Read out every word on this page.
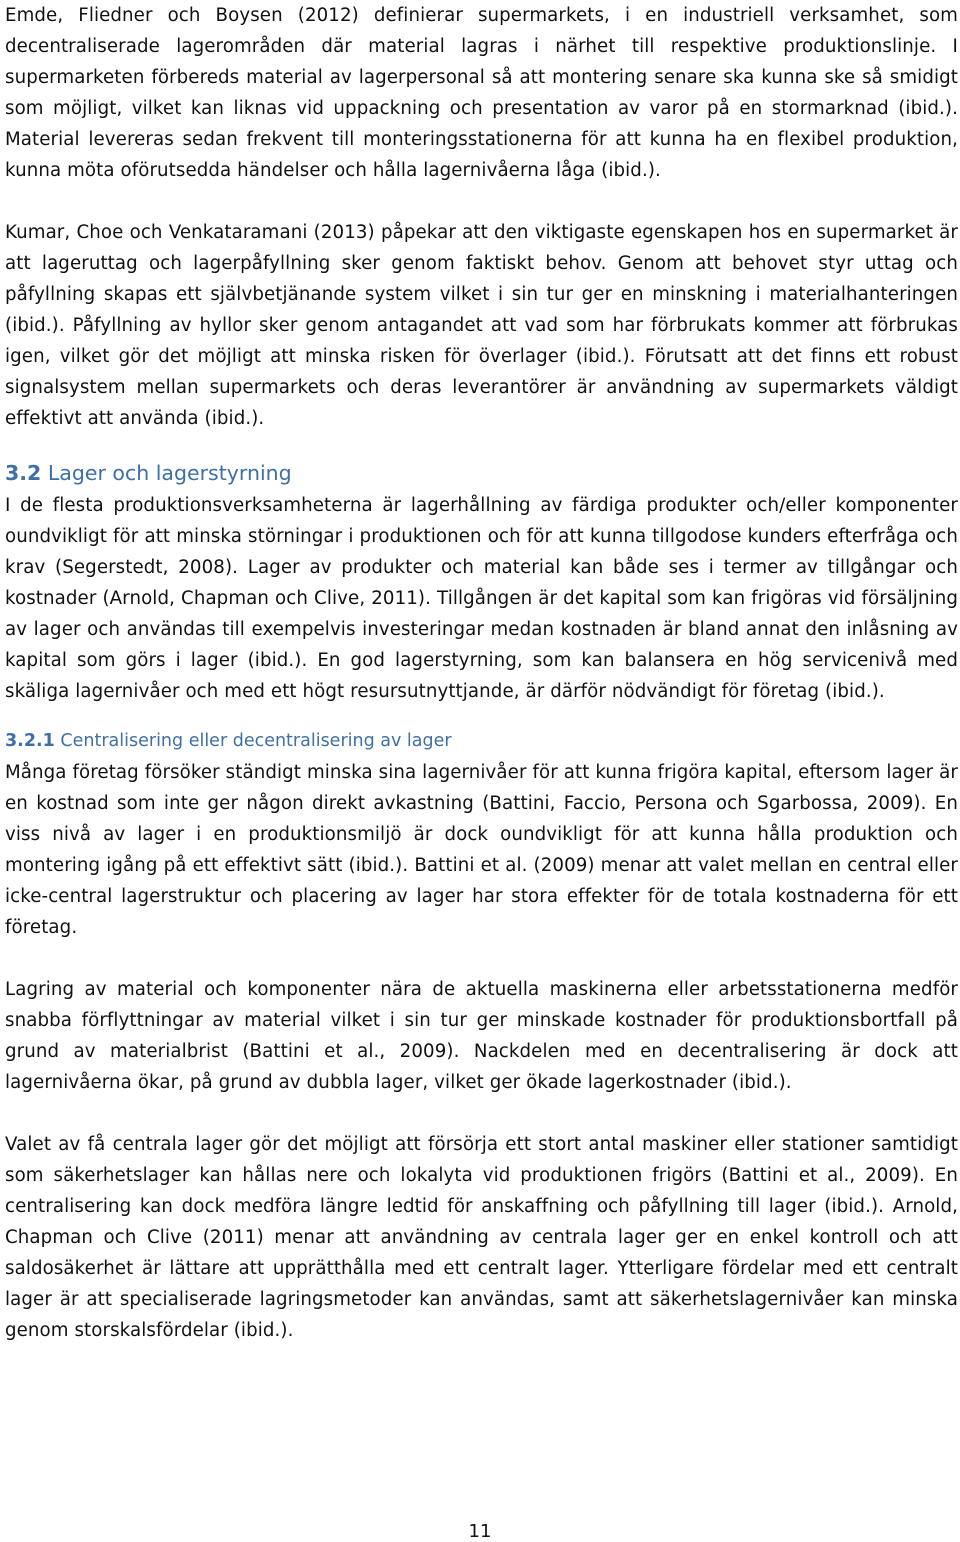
Emde, Fliedner och Boysen (2012) definierar supermarkets, i en industriell verksamhet, som decentraliserade lagerområden där material lagras i närhet till respektive produktionslinje. I supermarketen förbereds material av lagerpersonal så att montering senare ska kunna ske så smidigt som möjligt, vilket kan liknas vid uppackning och presentation av varor på en stormarknad (ibid.). Material levereras sedan frekvent till monteringsstationerna för att kunna ha en flexibel produktion, kunna möta oförutsedda händelser och hålla lagernivåerna låga (ibid.).

Kumar, Choe och Venkataramani (2013) påpekar att den viktigaste egenskapen hos en supermarket är att lageruttag och lagerpåfyllning sker genom faktiskt behov. Genom att behovet styr uttag och påfyllning skapas ett självbetjänande system vilket i sin tur ger en minskning i materialhanteringen (ibid.). Påfyllning av hyllor sker genom antagandet att vad som har förbrukats kommer att förbrukas igen, vilket gör det möjligt att minska risken för överlager (ibid.). Förutsatt att det finns ett robust signalsystem mellan supermarkets och deras leverantörer är användning av supermarkets väldigt effektivt att använda (ibid.).

3.2 Lager och lagerstyrning

I de flesta produktionsverksamheterna är lagerhållning av färdiga produkter och/eller komponenter oundvikligt för att minska störningar i produktionen och för att kunna tillgodose kunders efterfråga och krav (Segerstedt, 2008). Lager av produkter och material kan både ses i termer av tillgångar och kostnader (Arnold, Chapman och Clive, 2011). Tillgången är det kapital som kan frigöras vid försäljning av lager och användas till exempelvis investeringar medan kostnaden är bland annat den inlåsning av kapital som görs i lager (ibid.). En god lagerstyrning, som kan balansera en hög servicenivå med skäliga lagernivåer och med ett högt resursutnyttjande, är därför nödvändigt för företag (ibid.).

3.2.1 Centralisering eller decentralisering av lager

Många företag försöker ständigt minska sina lagernivåer för att kunna frigöra kapital, eftersom lager är en kostnad som inte ger någon direkt avkastning (Battini, Faccio, Persona och Sgarbossa, 2009). En viss nivå av lager i en produktionsmiljö är dock oundvikligt för att kunna hålla produktion och montering igång på ett effektivt sätt (ibid.). Battini et al. (2009) menar att valet mellan en central eller icke-central lagerstruktur och placering av lager har stora effekter för de totala kostnaderna för ett företag.

Lagring av material och komponenter nära de aktuella maskinerna eller arbetsstationerna medför snabba förflyttningar av material vilket i sin tur ger minskade kostnader för produktionsbortfall på grund av materialbrist (Battini et al., 2009). Nackdelen med en decentralisering är dock att lagernivåerna ökar, på grund av dubbla lager, vilket ger ökade lagerkostnader (ibid.).

Valet av få centrala lager gör det möjligt att försörja ett stort antal maskiner eller stationer samtidigt som säkerhetslager kan hållas nere och lokalyta vid produktionen frigörs (Battini et al., 2009). En centralisering kan dock medföra längre ledtid för anskaffning och påfyllning till lager (ibid.). Arnold, Chapman och Clive (2011) menar att användning av centrala lager ger en enkel kontroll och att saldosäkerhet är lättare att upprätthålla med ett centralt lager. Ytterligare fördelar med ett centralt lager är att specialiserade lagringsmetoder kan användas, samt att säkerhetslagernivåer kan minska genom storskalsfördelar (ibid.).

11
